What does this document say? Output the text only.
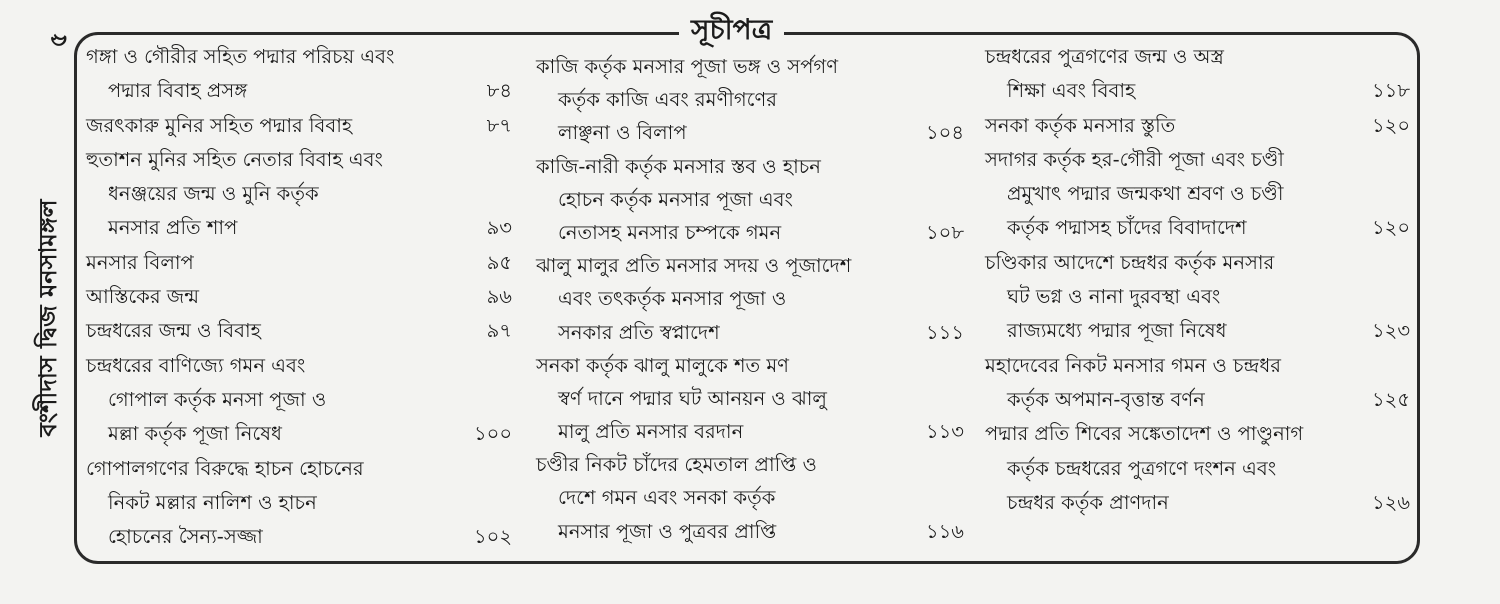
৫
বংশীদাস দ্বিজ মনসামঙ্গল
সূচীপত্র
গঙ্গা ও গৌরীর সহিত পদ্মার পরিচয় এবং
পদ্মার বিবাহ প্রসঙ্গ	৮৪
জরৎকারু মুনির সহিত পদ্মার বিবাহ	৮৭
হুতাশন মুনির সহিত নেতার বিবাহ এবং
ধনঞ্জয়ের জন্ম ও মুনি কর্তৃক
মনসার প্রতি শাপ	৯৩
মনসার বিলাপ	৯৫
আস্তিকের জন্ম	৯৬
চন্দ্রধরের জন্ম ও বিবাহ	৯৭
চন্দ্রধরের বাণিজ্যে গমন এবং
গোপাল কর্তৃক মনসা পূজা ও
মল্লা কর্তৃক পূজা নিষেধ	১০০
গোপালগণের বিরুদ্ধে হাচন হোচনের
নিকট মল্লার নালিশ ও হাচন
হোচনের সৈন্য-সজ্জা	১০২
কাজি কর্তৃক মনসার পূজা ভঙ্গ ও সর্পগণ
কর্তৃক কাজি এবং রমণীগণের
লাঞ্ছনা ও বিলাপ	১০৪
কাজি-নারী কর্তৃক মনসার স্তব ও হাচন
হোচন কর্তৃক মনসার পূজা এবং
নেতাসহ মনসার চম্পকে গমন	১০৮
ঝালু মালুর প্রতি মনসার সদয় ও পূজাদেশ
এবং তৎকর্তৃক মনসার পূজা ও
সনকার প্রতি স্বপ্নাদেশ	১১১
সনকা কর্তৃক ঝালু মালুকে শত মণ
স্বর্ণ দানে পদ্মার ঘট আনয়ন ও ঝালু
মালু প্রতি মনসার বরদান	১১৩
চণ্ডীর নিকট চাঁদের হেমতাল প্রাপ্তি ও
দেশে গমন এবং সনকা কর্তৃক
মনসার পূজা ও পুত্রবর প্রাপ্তি	১১৬
চন্দ্রধরের পুত্রগণের জন্ম ও অস্ত্র
শিক্ষা এবং বিবাহ	১১৮
সনকা কর্তৃক মনসার স্তুতি	১২০
সদাগর কর্তৃক হর-গৌরী পূজা এবং চণ্ডী
প্রমুখাৎ পদ্মার জন্মকথা শ্রবণ ও চণ্ডী
কর্তৃক পদ্মাসহ চাঁদের বিবাদাদেশ	১২০
চণ্ডিকার আদেশে চন্দ্রধর কর্তৃক মনসার
ঘট ভগ্ন ও নানা দুরবস্থা এবং
রাজ্যমধ্যে পদ্মার পূজা নিষেধ	১২৩
মহাদেবের নিকট মনসার গমন ও চন্দ্রধর
কর্তৃক অপমান-বৃত্তান্ত বর্ণন	১২৫
পদ্মার প্রতি শিবের সঙ্কেতাদেশ ও পাণ্ডুনাগ
কর্তৃক চন্দ্রধরের পুত্রগণে দংশন এবং
চন্দ্রধর কর্তৃক প্রাণদান	১২৬
